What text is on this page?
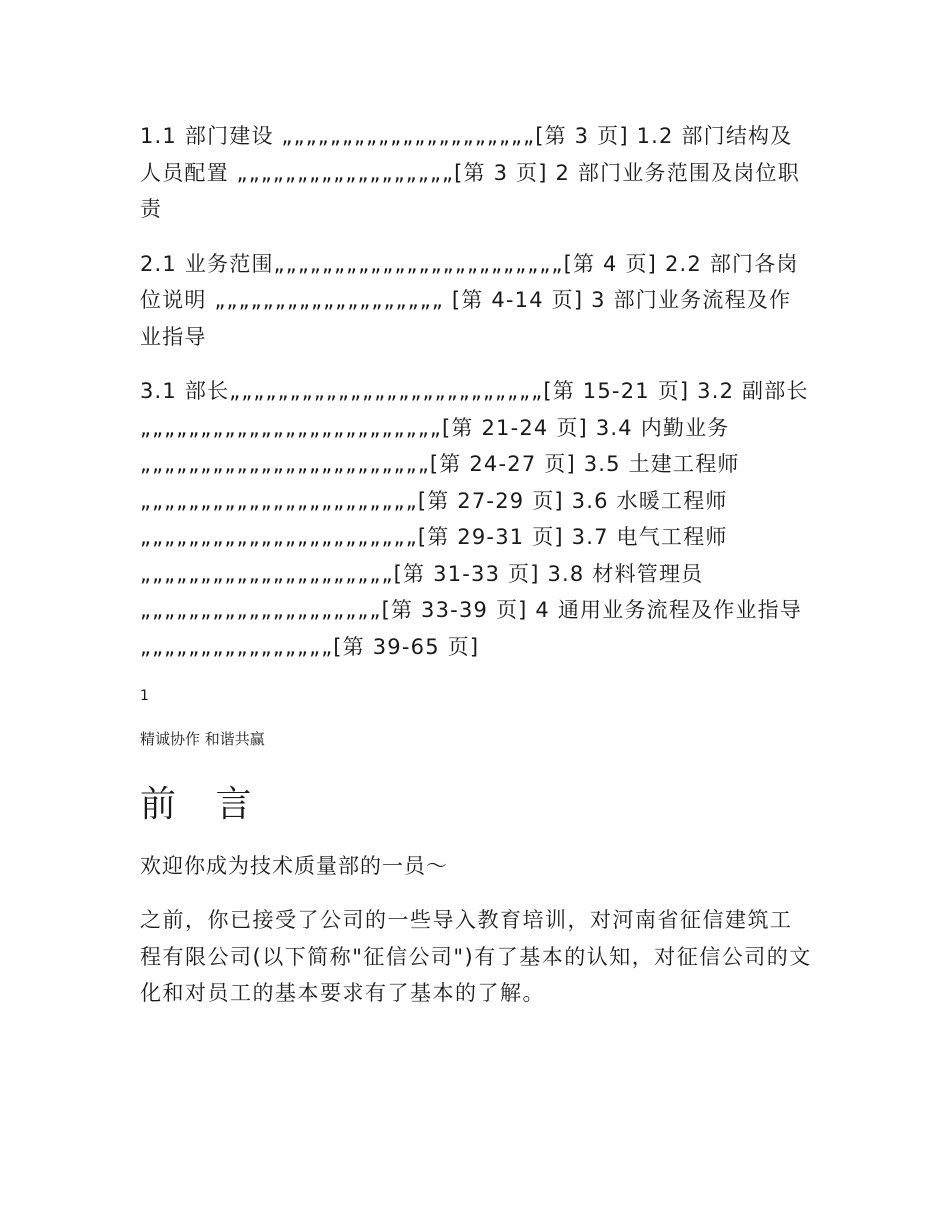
1.1 部门建设 „„„„„„„„„„„„„„„„„„„„„[第 3 页] 1.2 部门结构及人员配置 „„„„„„„„„„„„„„„„„„[第 3 页] 2 部门业务范围及岗位职责

2.1 业务范围„„„„„„„„„„„„„„„„„„„„„„„„[第 4 页] 2.2 部门各岗位说明 „„„„„„„„„„„„„„„„„„„ [第 4-14 页] 3 部门业务流程及作业指导

3.1 部长„„„„„„„„„„„„„„„„„„„„„„„„„„[第 15-21 页] 3.2 副部长„„„„„„„„„„„„„„„„„„„„„„„„„[第 21-24 页] 3.4 内勤业务„„„„„„„„„„„„„„„„„„„„„„„„[第 24-27 页] 3.5 土建工程师„„„„„„„„„„„„„„„„„„„„„„„[第 27-29 页] 3.6 水暖工程师„„„„„„„„„„„„„„„„„„„„„„„[第 29-31 页] 3.7 电气工程师 „„„„„„„„„„„„„„„„„„„„„[第 31-33 页] 3.8 材料管理员 „„„„„„„„„„„„„„„„„„„„[第 33-39 页] 4 通用业务流程及作业指导 „„„„„„„„„„„„„„„„[第 39-65 页]

1

精诚协作 和谐共赢

前 言

欢迎你成为技术质量部的一员～

之前，你已接受了公司的一些导入教育培训，对河南省征信建筑工程有限公司(以下简称"征信公司")有了基本的认知，对征信公司的文化和对员工的基本要求有了基本的了解。
